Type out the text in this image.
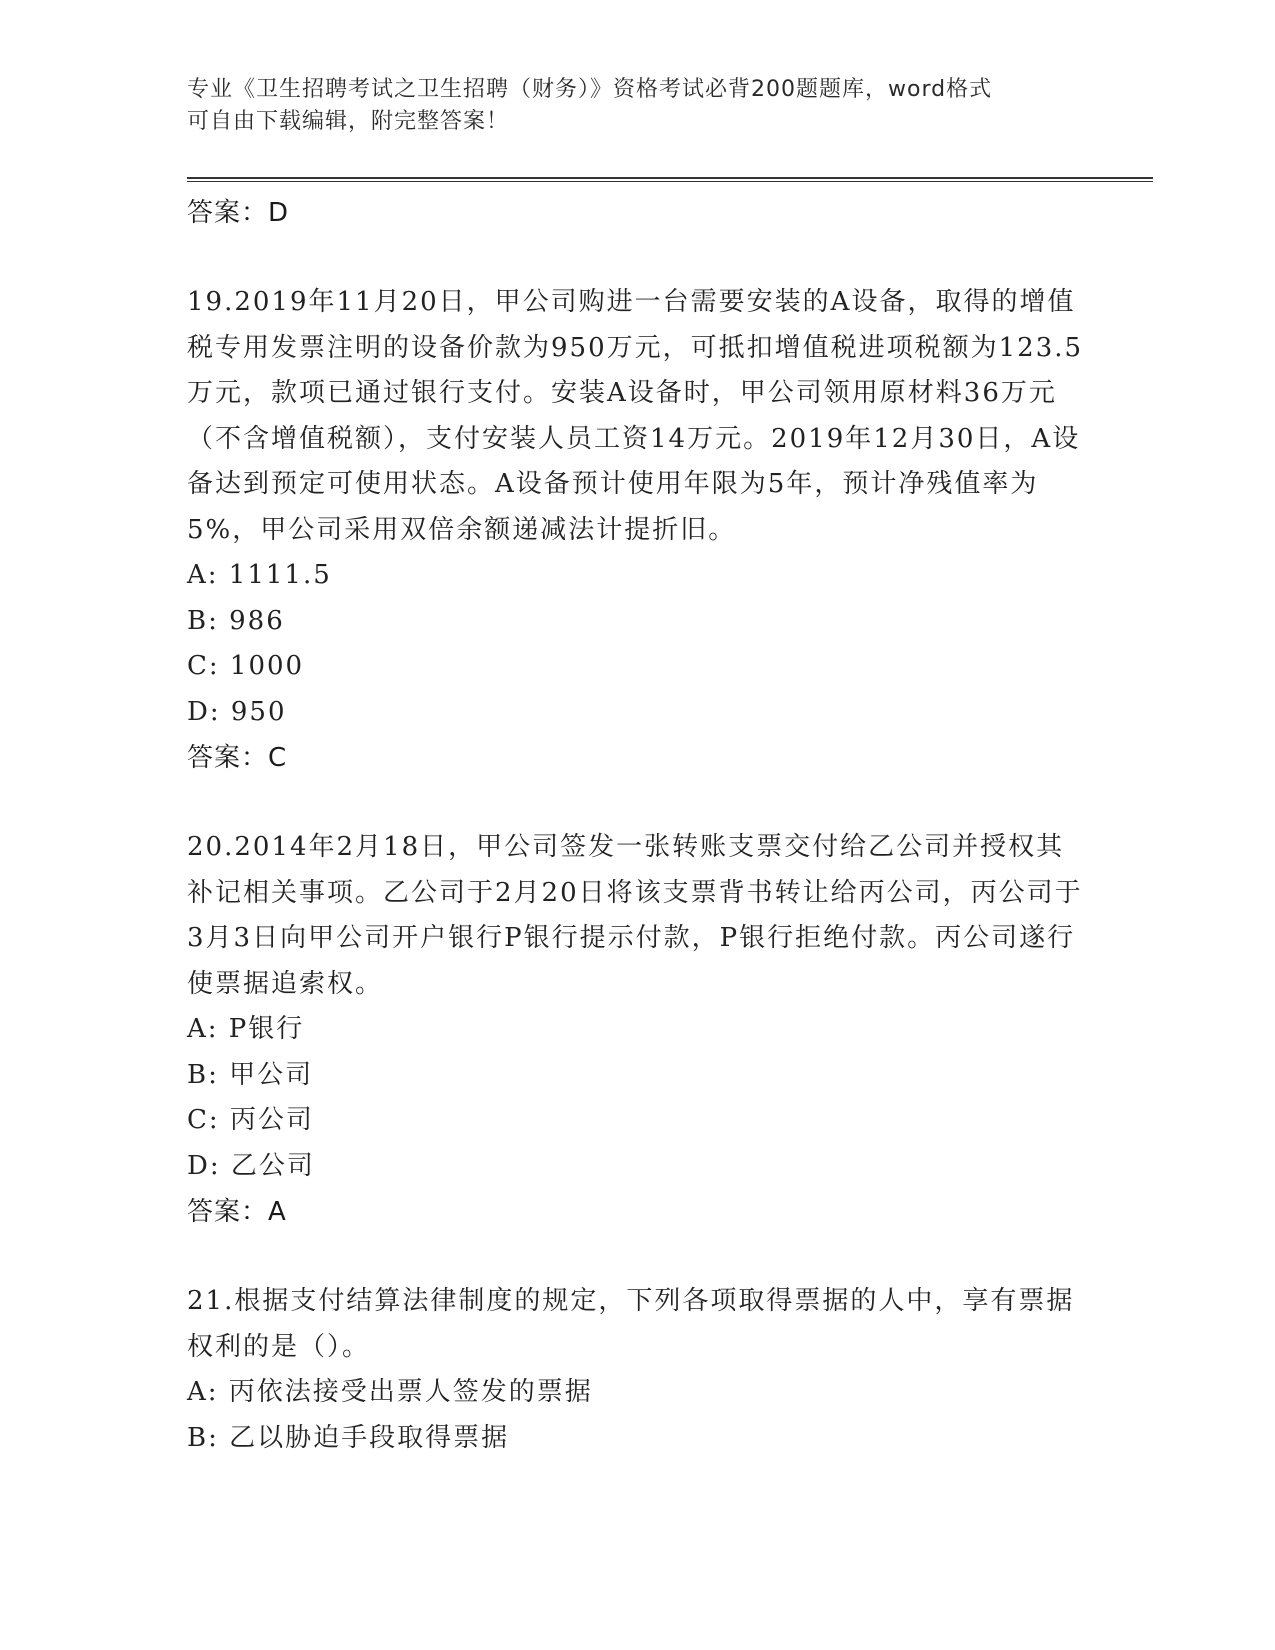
专业《卫生招聘考试之卫生招聘（财务）》资格考试必背200题题库，word格式
可自由下载编辑，附完整答案！
答案：D
19.2019年11月20日，甲公司购进一台需要安装的A设备，取得的增值税专用发票注明的设备价款为950万元，可抵扣增值税进项税额为123.5万元，款项已通过银行支付。安装A设备时，甲公司领用原材料36万元（不含增值税额），支付安装人员工资14万元。2019年12月30日，A设备达到预定可使用状态。A设备预计使用年限为5年，预计净残值率为5%，甲公司采用双倍余额递减法计提折旧。
A: 1111.5
B: 986
C: 1000
D: 950
答案：C
20.2014年2月18日，甲公司签发一张转账支票交付给乙公司并授权其补记相关事项。乙公司于2月20日将该支票背书转让给丙公司，丙公司于3月3日向甲公司开户银行P银行提示付款，P银行拒绝付款。丙公司遂行使票据追索权。
A: P银行
B: 甲公司
C: 丙公司
D: 乙公司
答案：A
21.根据支付结算法律制度的规定，下列各项取得票据的人中，享有票据权利的是（）。
A: 丙依法接受出票人签发的票据
B: 乙以胁迫手段取得票据
